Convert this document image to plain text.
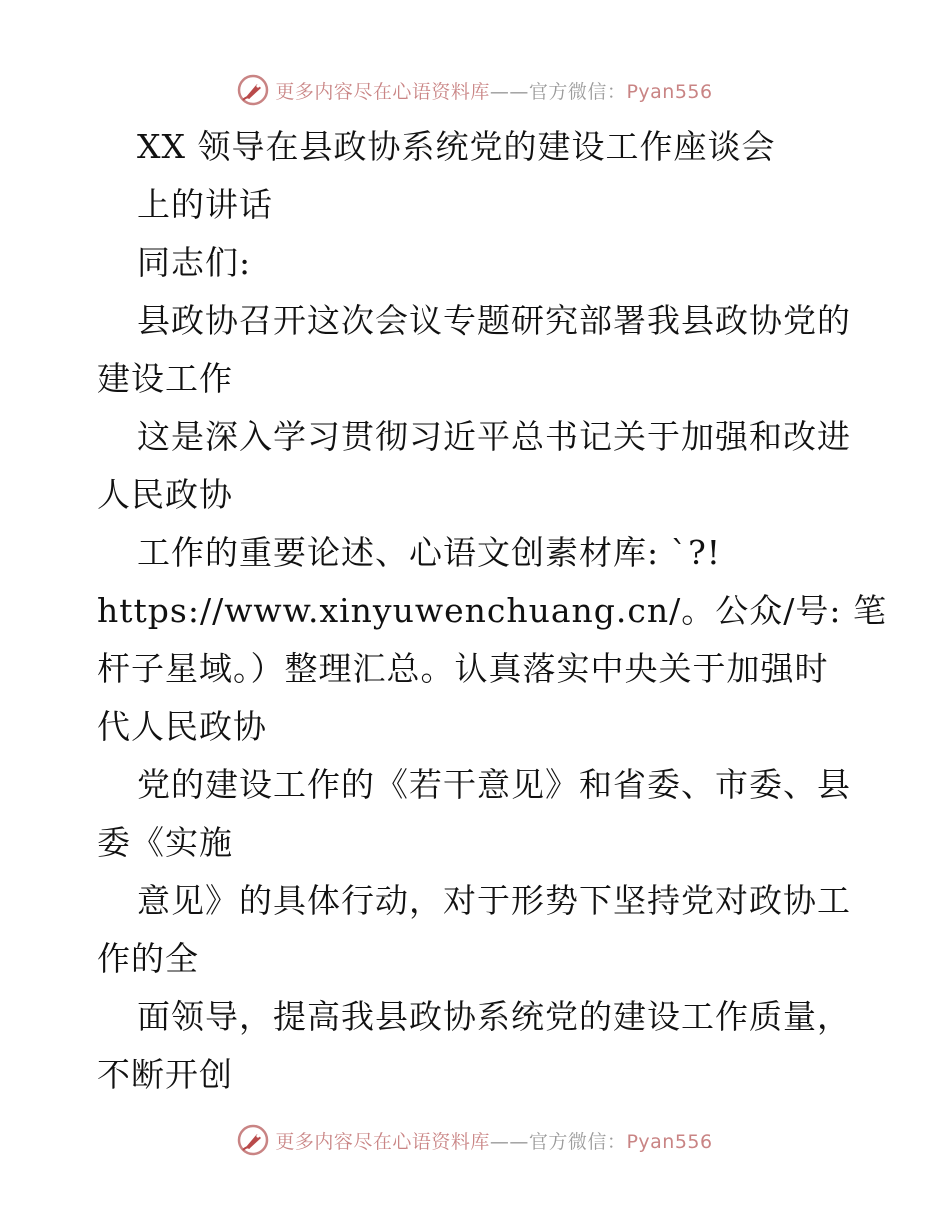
更多内容尽在心语资料库——官方微信：Pyan556
XX 领导在县政协系统党的建设工作座谈会
上的讲话
同志们:
县政协召开这次会议专题研究部署我县政协党的
建设工作
这是深入学习贯彻习近平总书记关于加强和改进
人民政协
工作的重要论述、心语文创素材库: `?!
https://www.xinyuwenchuang.cn/。公众/号: 笔
杆子星域。）整理汇总。认真落实中央关于加强时
代人民政协
党的建设工作的《若干意见》和省委、市委、县
委《实施
意见》的具体行动，对于形势下坚持党对政协工
作的全
面领导，提高我县政协系统党的建设工作质量，
不断开创
更多内容尽在心语资料库——官方微信：Pyan556
